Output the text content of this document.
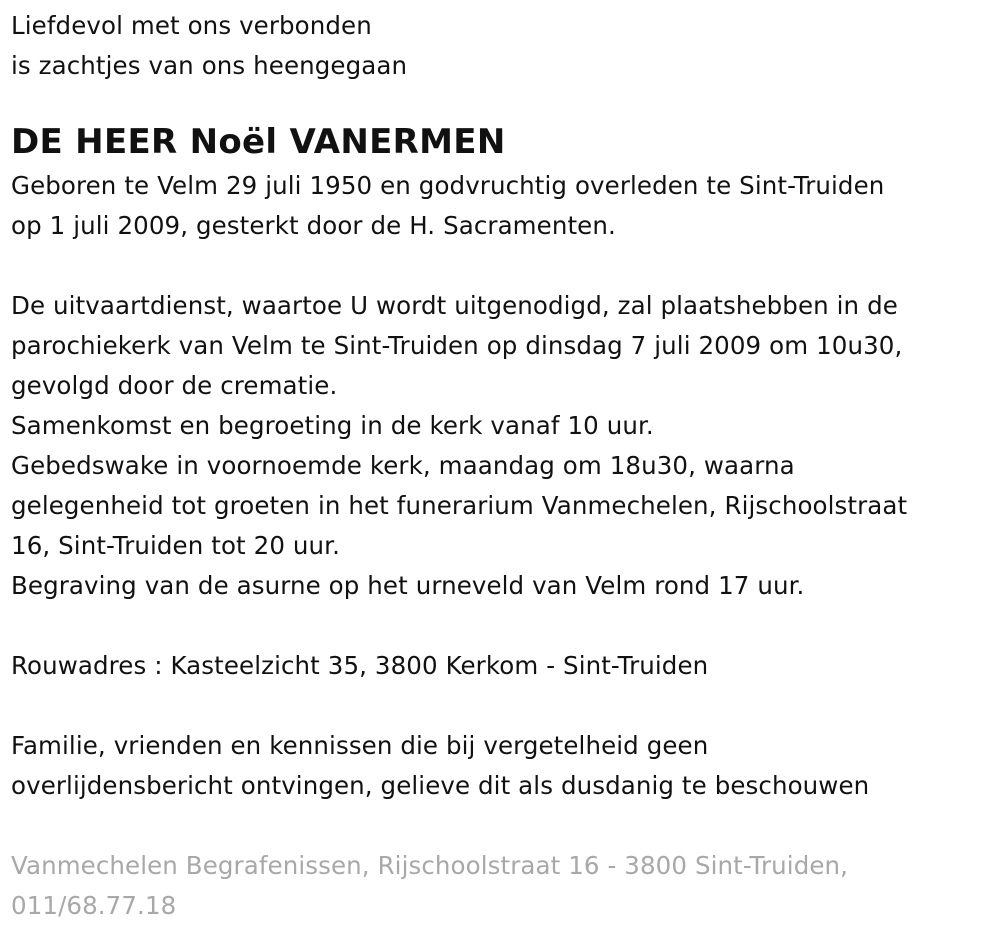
Liefdevol met ons verbonden
is zachtjes van ons heengegaan
DE HEER Noël VANERMEN
Geboren te Velm 29 juli 1950 en godvruchtig overleden te Sint-Truiden
op 1 juli 2009, gesterkt door de H. Sacramenten.
De uitvaartdienst, waartoe U wordt uitgenodigd, zal plaatshebben in de
parochiekerk van Velm te Sint-Truiden op dinsdag 7 juli 2009 om 10u30,
gevolgd door de crematie.
Samenkomst en begroeting in de kerk vanaf 10 uur.
Gebedswake in voornoemde kerk, maandag om 18u30, waarna
gelegenheid tot groeten in het funerarium Vanmechelen, Rijschoolstraat
16, Sint-Truiden tot 20 uur.
Begraving van de asurne op het urneveld van Velm rond 17 uur.
Rouwadres : Kasteelzicht 35, 3800 Kerkom - Sint-Truiden
Familie, vrienden en kennissen die bij vergetelheid geen
overlijdensbericht ontvingen, gelieve dit als dusdanig te beschouwen
Vanmechelen Begrafenissen, Rijschoolstraat 16 - 3800 Sint-Truiden,
011/68.77.18
